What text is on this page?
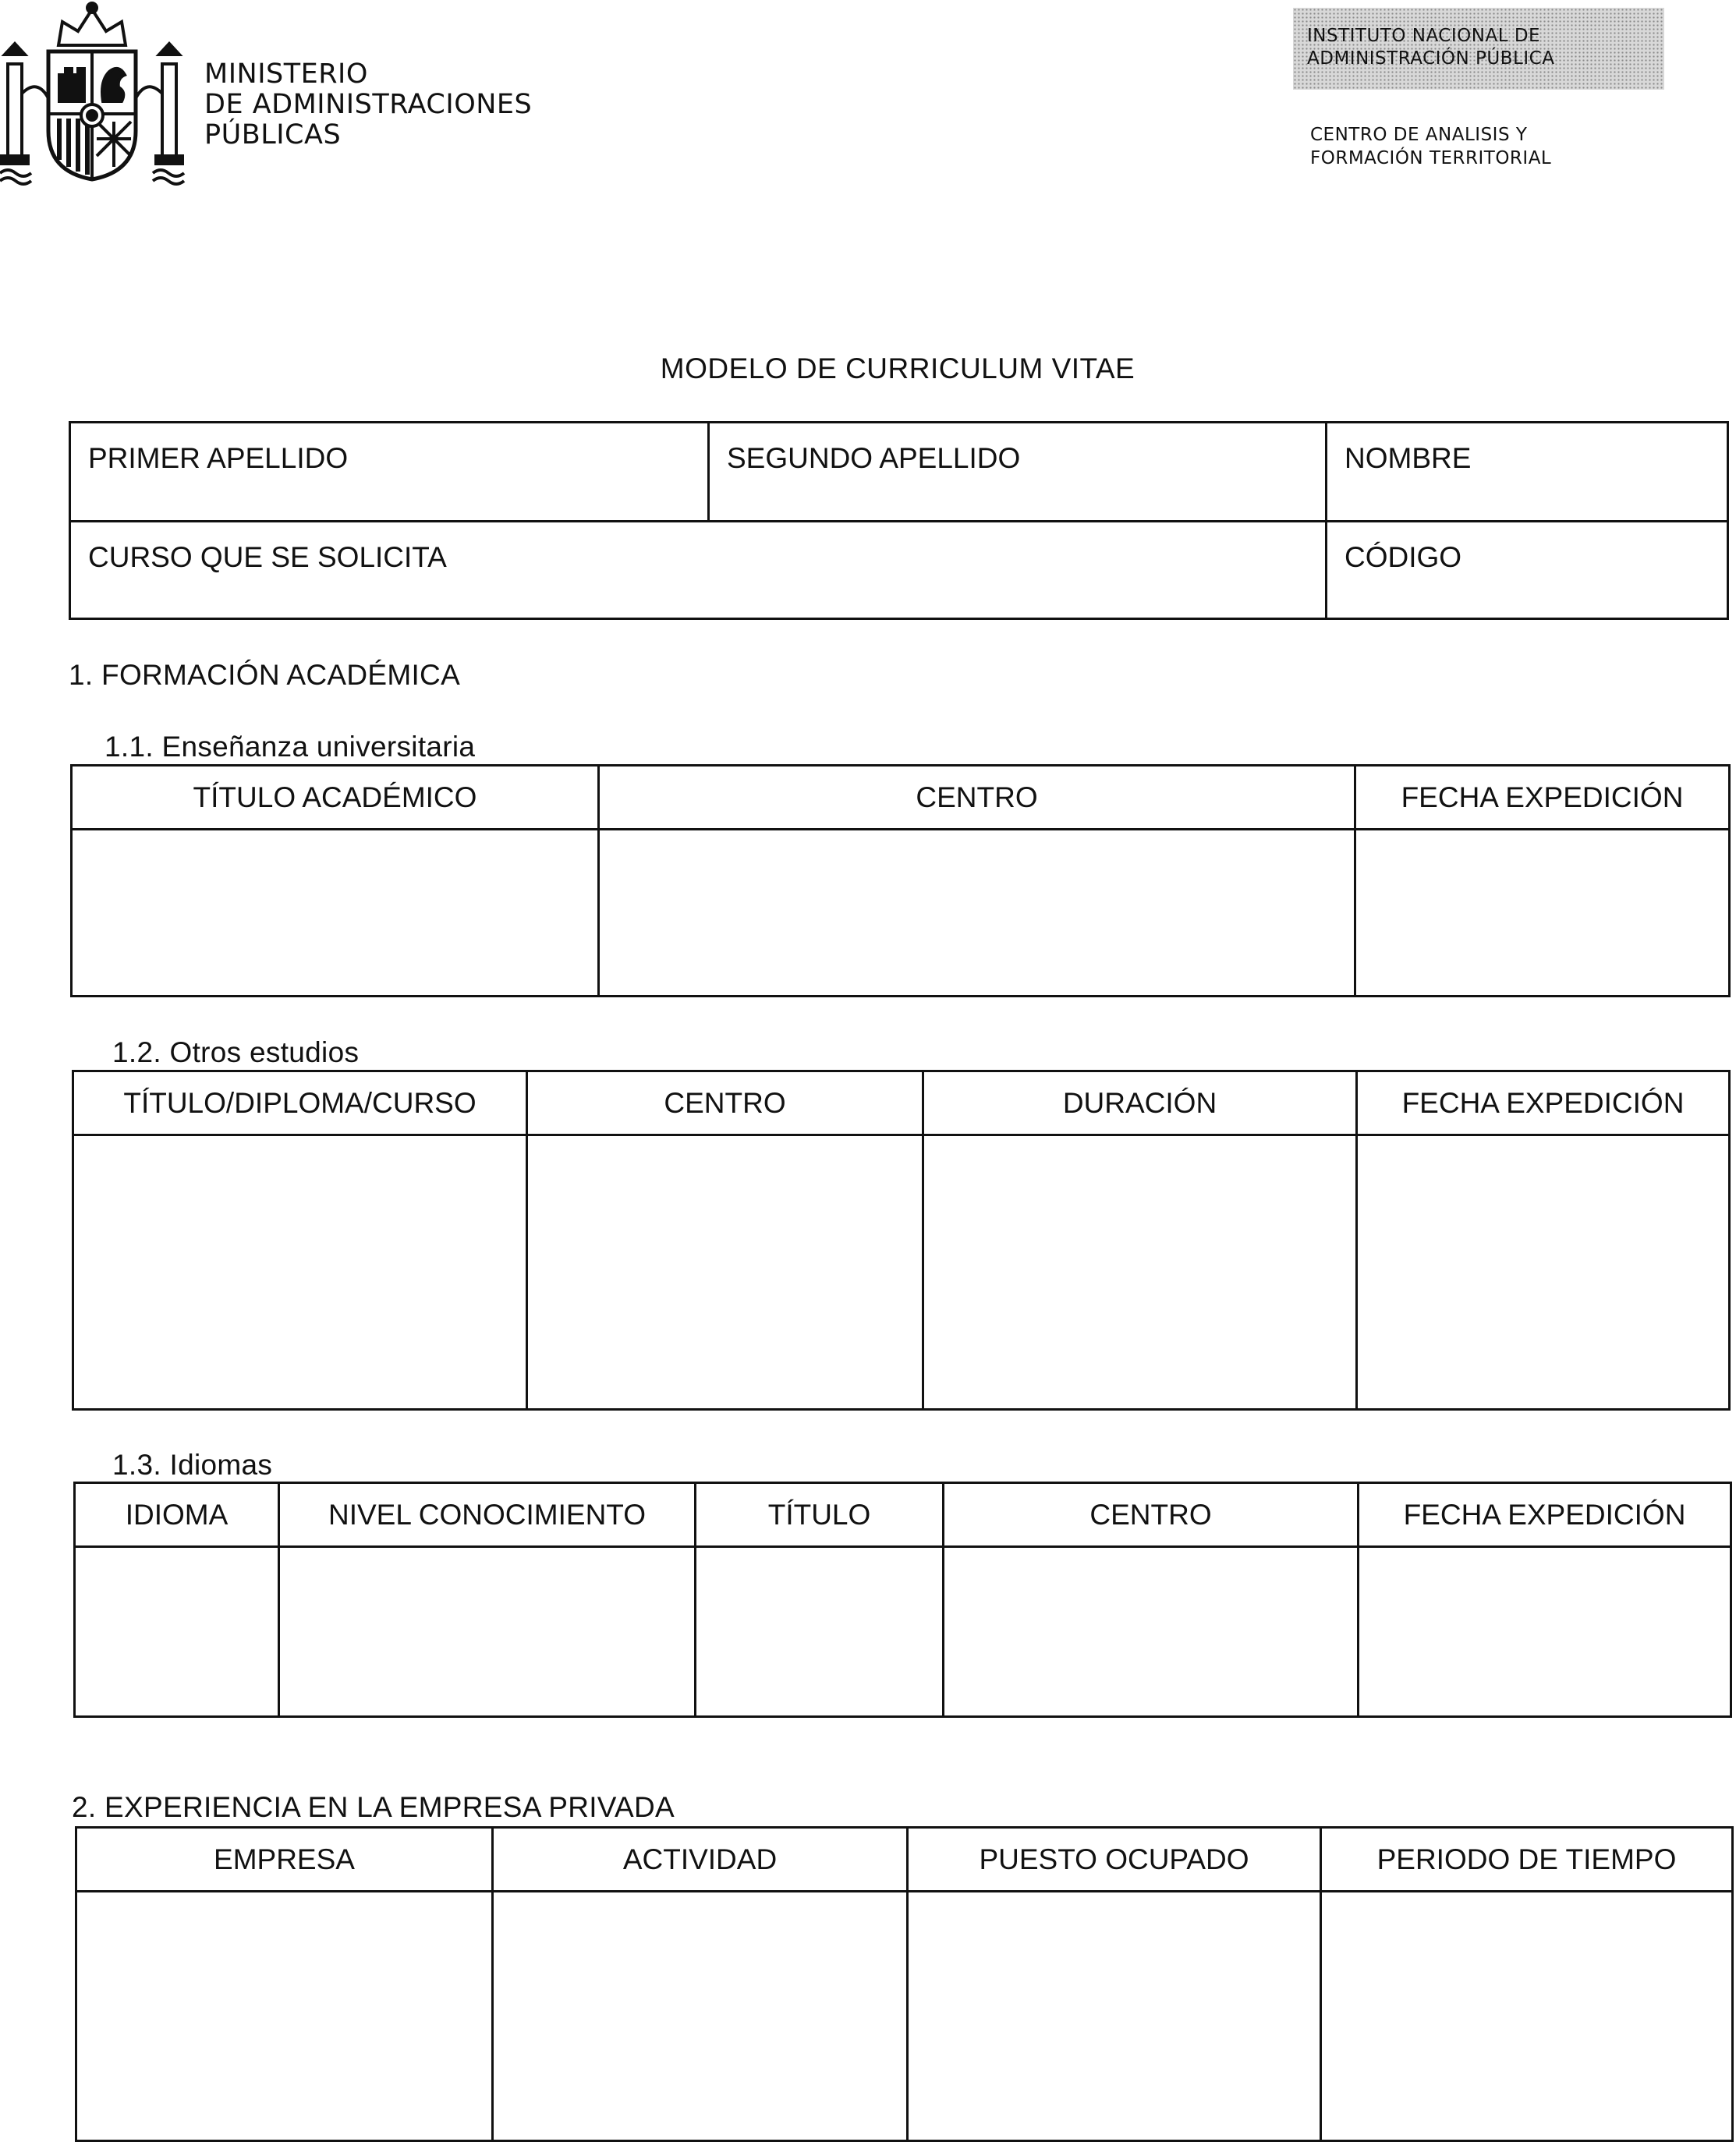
MINISTERIO
DE ADMINISTRACIONES
PÚBLICAS
INSTITUTO NACIONAL DE
ADMINISTRACIÓN PÚBLICA
CENTRO DE ANALISIS Y
FORMACIÓN TERRITORIAL
MODELO DE CURRICULUM VITAE
PRIMER APELLIDO	SEGUNDO APELLIDO	NOMBRE
CURSO QUE SE SOLICITA		CÓDIGO
1. FORMACIÓN ACADÉMICA
1.1. Enseñanza universitaria
TÍTULO ACADÉMICO	CENTRO	FECHA EXPEDICIÓN

1.2. Otros estudios
TÍTULO/DIPLOMA/CURSO	CENTRO	DURACIÓN	FECHA EXPEDICIÓN

1.3. Idiomas
IDIOMA	NIVEL CONOCIMIENTO	TÍTULO	CENTRO	FECHA EXPEDICIÓN

2. EXPERIENCIA EN LA EMPRESA PRIVADA
EMPRESA	ACTIVIDAD	PUESTO OCUPADO	PERIODO DE TIEMPO
